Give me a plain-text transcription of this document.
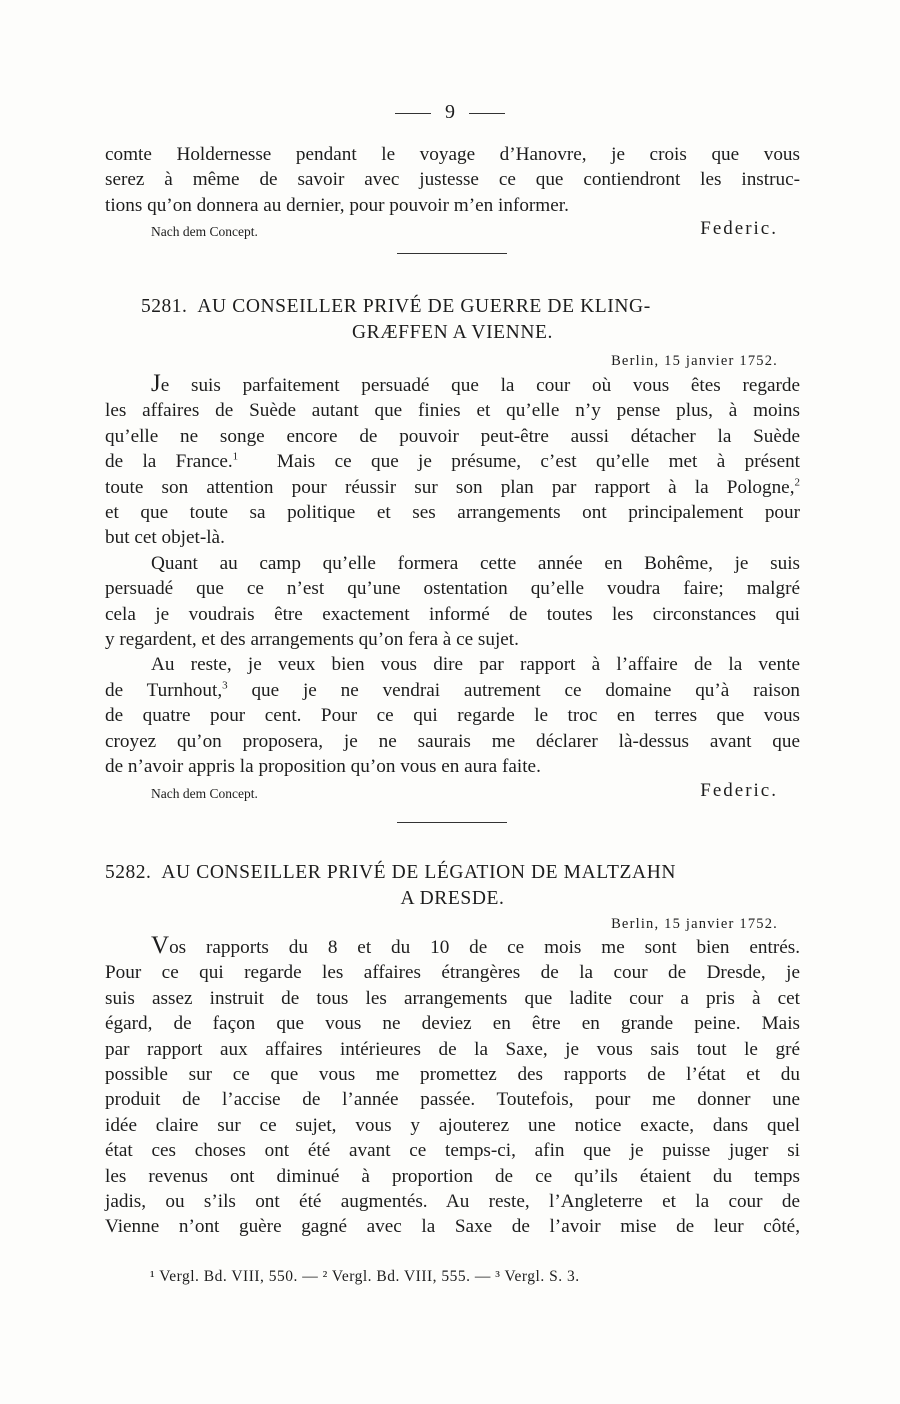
9

comte Holdernesse pendant le voyage d’Hanovre, je crois que vous
serez à même de savoir avec justesse ce que contiendront les instruc-
tions qu’on donnera au dernier, pour pouvoir m’en informer.

Nach dem Concept.	Federic.

5281. AU CONSEILLER PRIVÉ DE GUERRE DE KLING-
GRÆFFEN A VIENNE.

Berlin, 15 janvier 1752.

Je suis parfaitement persuadé que la cour où vous êtes regarde
les affaires de Suède autant que finies et qu’elle n’y pense plus, à moins
qu’elle ne songe encore de pouvoir peut-être aussi détacher la Suède
de la France.$^1$ Mais ce que je présume, c’est qu’elle met à présent
toute son attention pour réussir sur son plan par rapport à la Pologne,$^2$
et que toute sa politique et ses arrangements ont principalement pour
but cet objet-là.

Quant au camp qu’elle formera cette année en Bohême, je suis
persuadé que ce n’est qu’une ostentation qu’elle voudra faire; malgré
cela je voudrais être exactement informé de toutes les circonstances qui
y regardent, et des arrangements qu’on fera à ce sujet.

Au reste, je veux bien vous dire par rapport à l’affaire de la vente
de Turnhout,$^3$ que je ne vendrai autrement ce domaine qu’à raison
de quatre pour cent. Pour ce qui regarde le troc en terres que vous
croyez qu’on proposera, je ne saurais me déclarer là-dessus avant que
de n’avoir appris la proposition qu’on vous en aura faite.

Nach dem Concept.	Federic.

5282. AU CONSEILLER PRIVÉ DE LÉGATION DE MALTZAHN
A DRESDE.

Berlin, 15 janvier 1752.

Vos rapports du 8 et du 10 de ce mois me sont bien entrés.
Pour ce qui regarde les affaires étrangères de la cour de Dresde, je
suis assez instruit de tous les arrangements que ladite cour a pris à cet
égard, de façon que vous ne deviez en être en grande peine. Mais
par rapport aux affaires intérieures de la Saxe, je vous sais tout le gré
possible sur ce que vous me promettez des rapports de l’état et du
produit de l’accise de l’année passée. Toutefois, pour me donner une
idée claire sur ce sujet, vous y ajouterez une notice exacte, dans quel
état ces choses ont été avant ce temps-ci, afin que je puisse juger si
les revenus ont diminué à proportion de ce qu’ils étaient du temps
jadis, ou s’ils ont été augmentés. Au reste, l’Angleterre et la cour de
Vienne n’ont guère gagné avec la Saxe de l’avoir mise de leur côté,

¹ Vergl. Bd. VIII, 550. — ² Vergl. Bd. VIII, 555. — ³ Vergl. S. 3.
